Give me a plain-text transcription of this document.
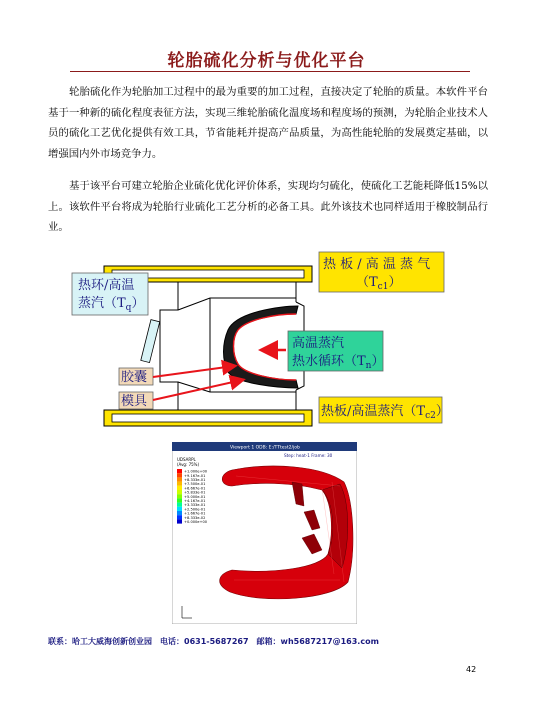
轮胎硫化分析与优化平台
轮胎硫化作为轮胎加工过程中的最为重要的加工过程，直接决定了轮胎的质量。本软件平台基于一种新的硫化程度表征方法，实现三维轮胎硫化温度场和程度场的预测，为轮胎企业技术人员的硫化工艺优化提供有效工具，节省能耗并提高产品质量，为高性能轮胎的发展奠定基础，以增强国内外市场竞争力。
基于该平台可建立轮胎企业硫化优化评价体系，实现均匀硫化，使硫化工艺能耗降低15%以上。该软件平台将成为轮胎行业硫化工艺分析的必备工具。此外该技术也同样适用于橡胶制品行业。
热 板 / 高 温 蒸 气
$(T_{c1})$
热环/高温
蒸汽$(T_q)$
高温蒸汽
热水循环$(T_n)$
胶囊
模具
热板/高温蒸汽$(T_{c2})$
Viewport 1 ODB: E:/TTtest2/job
Step: heat-1 Frame: 30
UDSARPL
(Avg: 75%)
+1.000e+00
+9.167e-01
+8.333e-01
+7.500e-01
+6.667e-01
+5.833e-01
+5.000e-01
+4.167e-01
+3.333e-01
+2.500e-01
+1.667e-01
+8.333e-02
+0.000e+00
联系：哈工大威海创新创业园　电话：0631-5687267　邮箱：wh5687217@163.com
42
